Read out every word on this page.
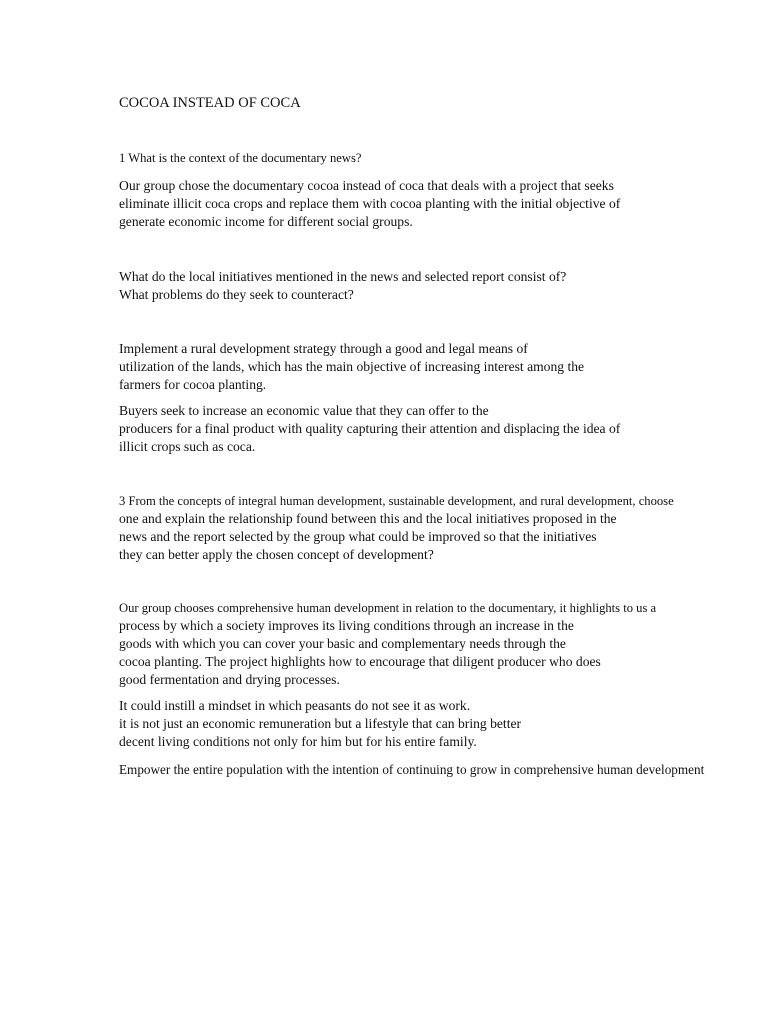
COCOA INSTEAD OF COCA
1 What is the context of the documentary news?
Our group chose the documentary cocoa instead of coca that deals with a project that seeks
eliminate illicit coca crops and replace them with cocoa planting with the initial objective of
generate economic income for different social groups.
What do the local initiatives mentioned in the news and selected report consist of?
What problems do they seek to counteract?
Implement a rural development strategy through a good and legal means of
utilization of the lands, which has the main objective of increasing interest among the
farmers for cocoa planting.
Buyers seek to increase an economic value that they can offer to the
producers for a final product with quality capturing their attention and displacing the idea of
illicit crops such as coca.
3 From the concepts of integral human development, sustainable development, and rural development, choose
one and explain the relationship found between this and the local initiatives proposed in the
news and the report selected by the group what could be improved so that the initiatives
they can better apply the chosen concept of development?
Our group chooses comprehensive human development in relation to the documentary, it highlights to us a
process by which a society improves its living conditions through an increase in the
goods with which you can cover your basic and complementary needs through the
cocoa planting. The project highlights how to encourage that diligent producer who does
good fermentation and drying processes.
It could instill a mindset in which peasants do not see it as work.
it is not just an economic remuneration but a lifestyle that can bring better
decent living conditions not only for him but for his entire family.
Empower the entire population with the intention of continuing to grow in comprehensive human development
